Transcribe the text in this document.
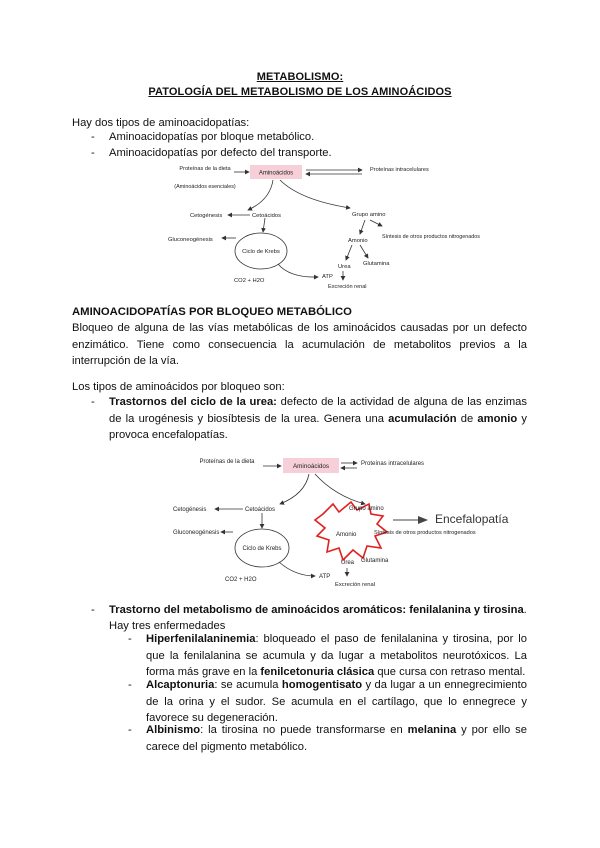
METABOLISMO:
PATOLOGÍA DEL METABOLISMO DE LOS AMINOÁCIDOS
Hay dos tipos de aminoacidopatías:
- Aminoacidopatías por bloque metabólico.
- Aminoacidopatías por defecto del transporte.
Proteínas de la dieta
(Aminoácidos esenciales)
Aminoácidos
Proteínas intracelulares
Cetogénesis	Cetoácidos	Grupo amino
Gluconeogénesis
Ciclo de Krebs
CO2 + H2O
ATP
Amonio
Síntesis de otros productos nitrogenados
Urea Glutamina
Excreción renal
AMINOACIDOPATÍAS POR BLOQUEO METABÓLICO
Bloqueo de alguna de las vías metabólicas de los aminoácidos causadas por un defecto enzimático. Tiene como consecuencia la acumulación de metabolitos previos a la interrupción de la vía.
Los tipos de aminoácidos por bloqueo son:
- Trastornos del ciclo de la urea: defecto de la actividad de alguna de las enzimas de la urogénesis y biosíbtesis de la urea. Genera una acumulación de amonio y provoca encefalopatías.
Proteínas de la dieta
Aminoácidos	Proteínas intracelulares
Cetogénesis	Cetoácidos	Grupo amino
Encefalopatía
Gluconeogénesis
Ciclo de Krebs
CO2 + H2O	ATP
Amonio	Síntesis de otros productos nitrogenados
Urea Glutamina
Excreción renal
- Trastorno del metabolismo de aminoácidos aromáticos: fenilalanina y tirosina.
Hay tres enfermedades
- Hiperfenilalaninemia: bloqueado el paso de fenilalanina y tirosina, por lo que la fenilalanina se acumula y da lugar a metabolitos neurotóxicos. La forma más grave en la fenilcetonuria clásica que cursa con retraso mental.
- Alcaptonuria: se acumula homogentisato y da lugar a un ennegrecimiento de la orina y el sudor. Se acumula en el cartílago, que lo ennegrece y favorece su degeneración.
- Albinismo: la tirosina no puede transformarse en melanina y por ello se carece del pigmento metabólico.
